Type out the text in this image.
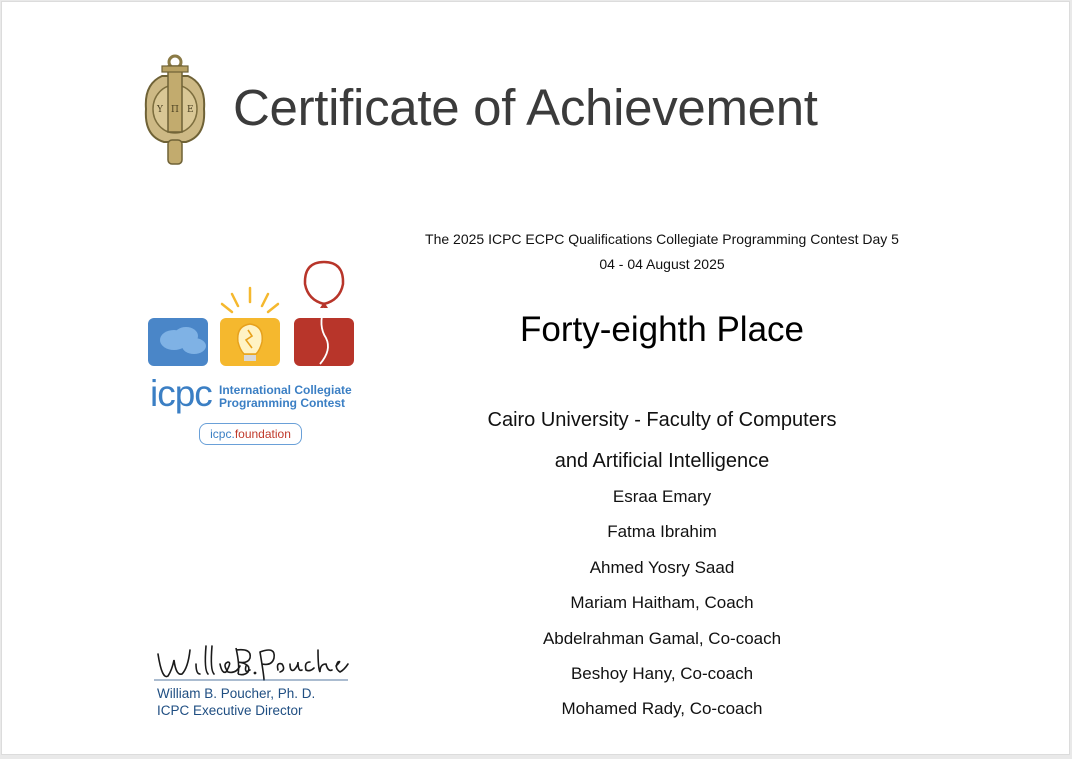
Υ Π Ε Certificate of Achievement
icpc International Collegiate
Programming Contest
icpc.foundation
The 2025 ICPC ECPC Qualifications Collegiate Programming Contest Day 5
04 - 04 August 2025
Forty-eighth Place
Cairo University - Faculty of Computers
and Artificial Intelligence
Esraa Emary
Fatma Ibrahim
Ahmed Yosry Saad
Mariam Haitham, Coach
Abdelrahman Gamal, Co-coach
Beshoy Hany, Co-coach
Mohamed Rady, Co-coach
William B. Poucher, Ph. D.
ICPC Executive Director
